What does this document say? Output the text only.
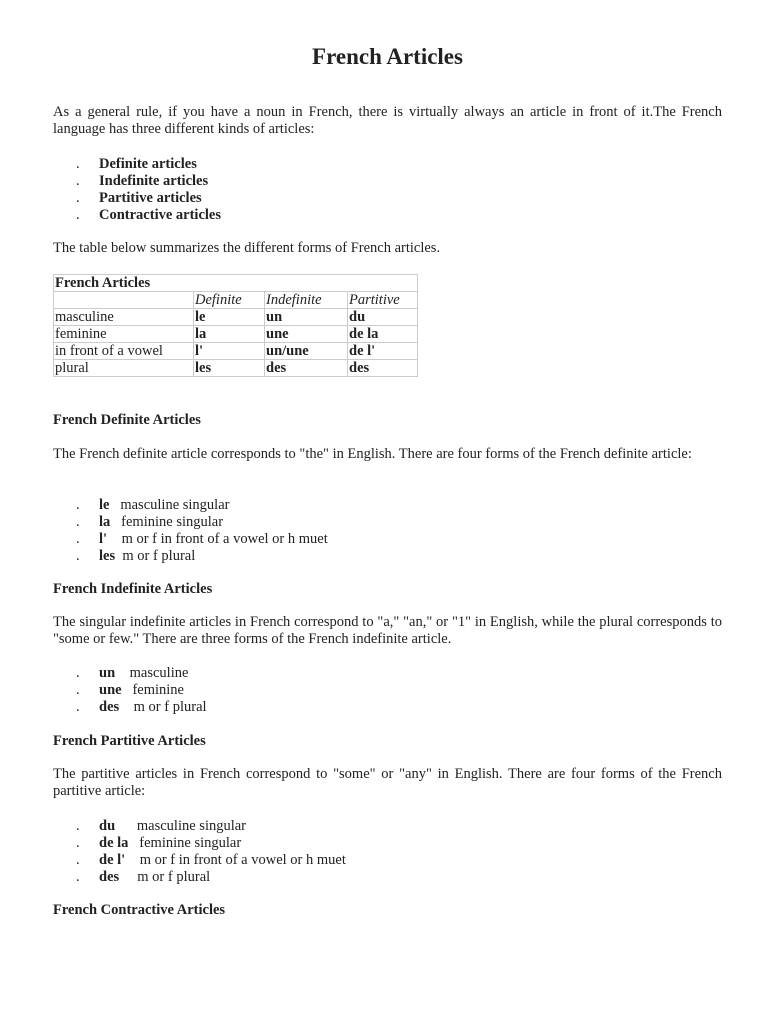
French Articles

As a general rule, if you have a noun in French, there is virtually always an article in front of it.The French language has three different kinds of articles:

. Definite articles
. Indefinite articles
. Partitive articles
. Contractive articles

The table below summarizes the different forms of French articles.

French Articles			
	Definite	Indefinite	Partitive
masculine	le	un	du
feminine	la	une	de la
in front of a vowel	l'	un/une	de l'
plural	les	des	des
French Definite Articles

The French definite article corresponds to "the" in English. There are four forms of the French definite article:

. le masculine singular
. la feminine singular
. l' m or f in front of a vowel or h muet
. les m or f plural
French Indefinite Articles

The singular indefinite articles in French correspond to "a," "an," or "1" in English, while the plural corresponds to "some or few." There are three forms of the French indefinite article.

. un masculine
. une feminine
. des m or f plural
French Partitive Articles

The partitive articles in French correspond to "some" or "any" in English. There are four forms of the French partitive article:

. du masculine singular
. de la feminine singular
. de l' m or f in front of a vowel or h muet
. des m or f plural
French Contractive Articles
